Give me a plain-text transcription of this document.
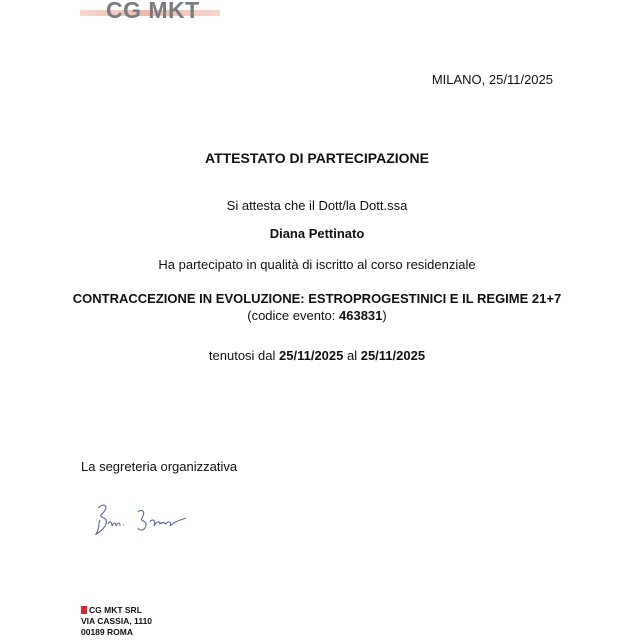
CG MKT
MILANO, 25/11/2025
ATTESTATO DI PARTECIPAZIONE
Si attesta che il Dott/la Dott.ssa
Diana Pettinato
Ha partecipato in qualità di iscritto al corso residenziale
CONTRACCEZIONE IN EVOLUZIONE: ESTROPROGESTINICI E IL REGIME 21+7 (codice evento: 463831)
tenutosi dal 25/11/2025 al 25/11/2025
La segreteria organizzativa
CG MKT SRL
VIA CASSIA, 1110
00189 ROMA
